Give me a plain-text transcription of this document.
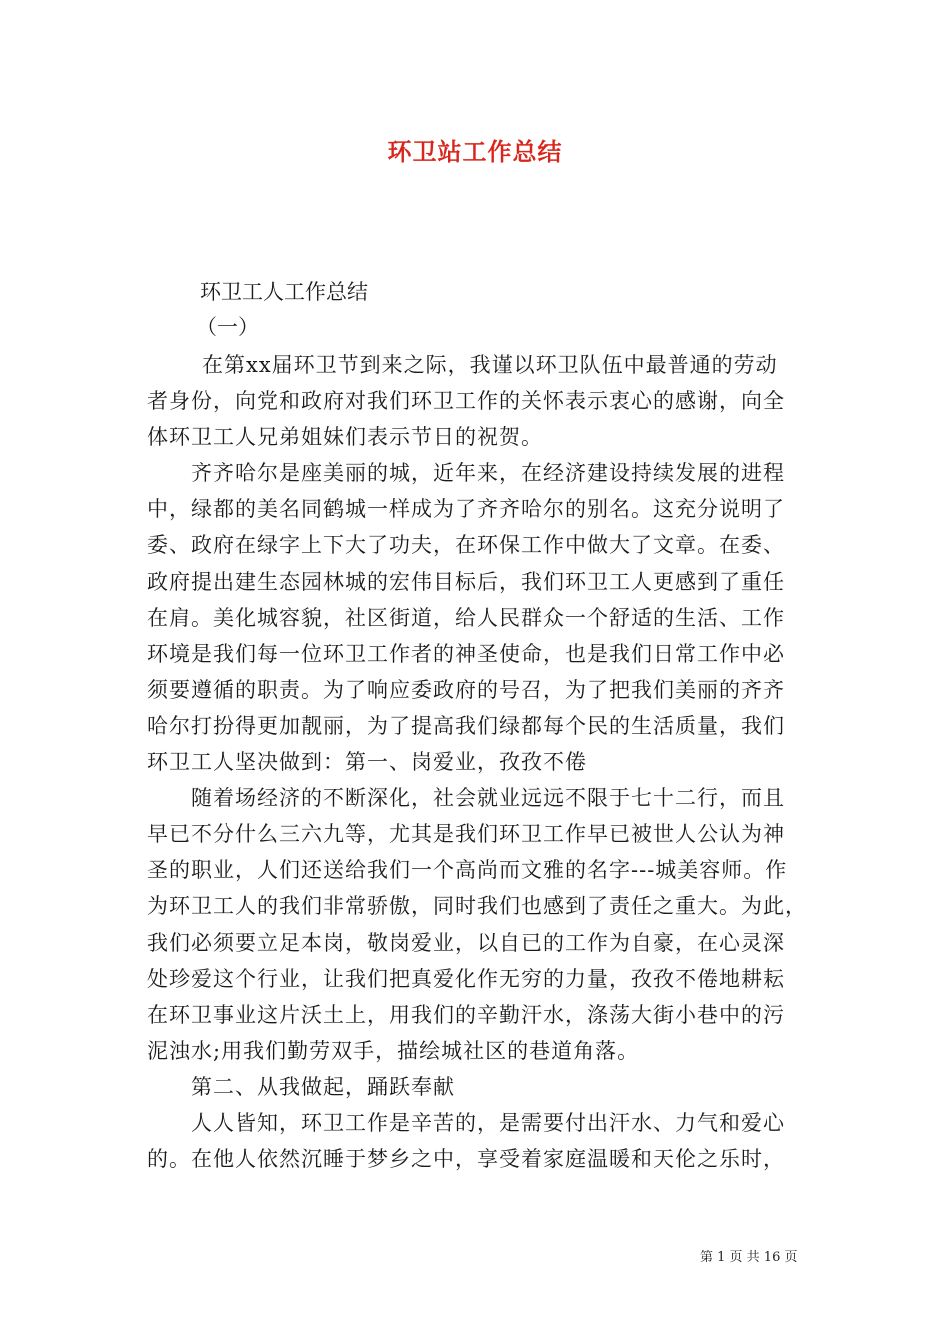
环卫站工作总结
环卫工人工作总结
（一）
在第xx届环卫节到来之际，我谨以环卫队伍中最普通的劳动
者身份，向党和政府对我们环卫工作的关怀表示衷心的感谢，向全
体环卫工人兄弟姐妹们表示节日的祝贺。
　　齐齐哈尔是座美丽的城，近年来，在经济建设持续发展的进程
中，绿都的美名同鹤城一样成为了齐齐哈尔的别名。这充分说明了
委、政府在绿字上下大了功夫，在环保工作中做大了文章。在委、
政府提出建生态园林城的宏伟目标后，我们环卫工人更感到了重任
在肩。美化城容貌，社区街道，给人民群众一个舒适的生活、工作
环境是我们每一位环卫工作者的神圣使命，也是我们日常工作中必
须要遵循的职责。为了响应委政府的号召，为了把我们美丽的齐齐
哈尔打扮得更加靓丽，为了提高我们绿都每个民的生活质量，我们
环卫工人坚决做到：第一、岗爱业，孜孜不倦
　　随着场经济的不断深化，社会就业远远不限于七十二行，而且
早已不分什么三六九等，尤其是我们环卫工作早已被世人公认为神
圣的职业，人们还送给我们一个高尚而文雅的名字---城美容师。作
为环卫工人的我们非常骄傲，同时我们也感到了责任之重大。为此，
我们必须要立足本岗，敬岗爱业，以自已的工作为自豪，在心灵深
处珍爱这个行业，让我们把真爱化作无穷的力量，孜孜不倦地耕耘
在环卫事业这片沃土上，用我们的辛勤汗水，涤荡大街小巷中的污
泥浊水;用我们勤劳双手，描绘城社区的巷道角落。
　　第二、从我做起，踊跃奉献
　　人人皆知，环卫工作是辛苦的，是需要付出汗水、力气和爱心
的。在他人依然沉睡于梦乡之中，享受着家庭温暖和天伦之乐时，
第 1 页 共 16 页
